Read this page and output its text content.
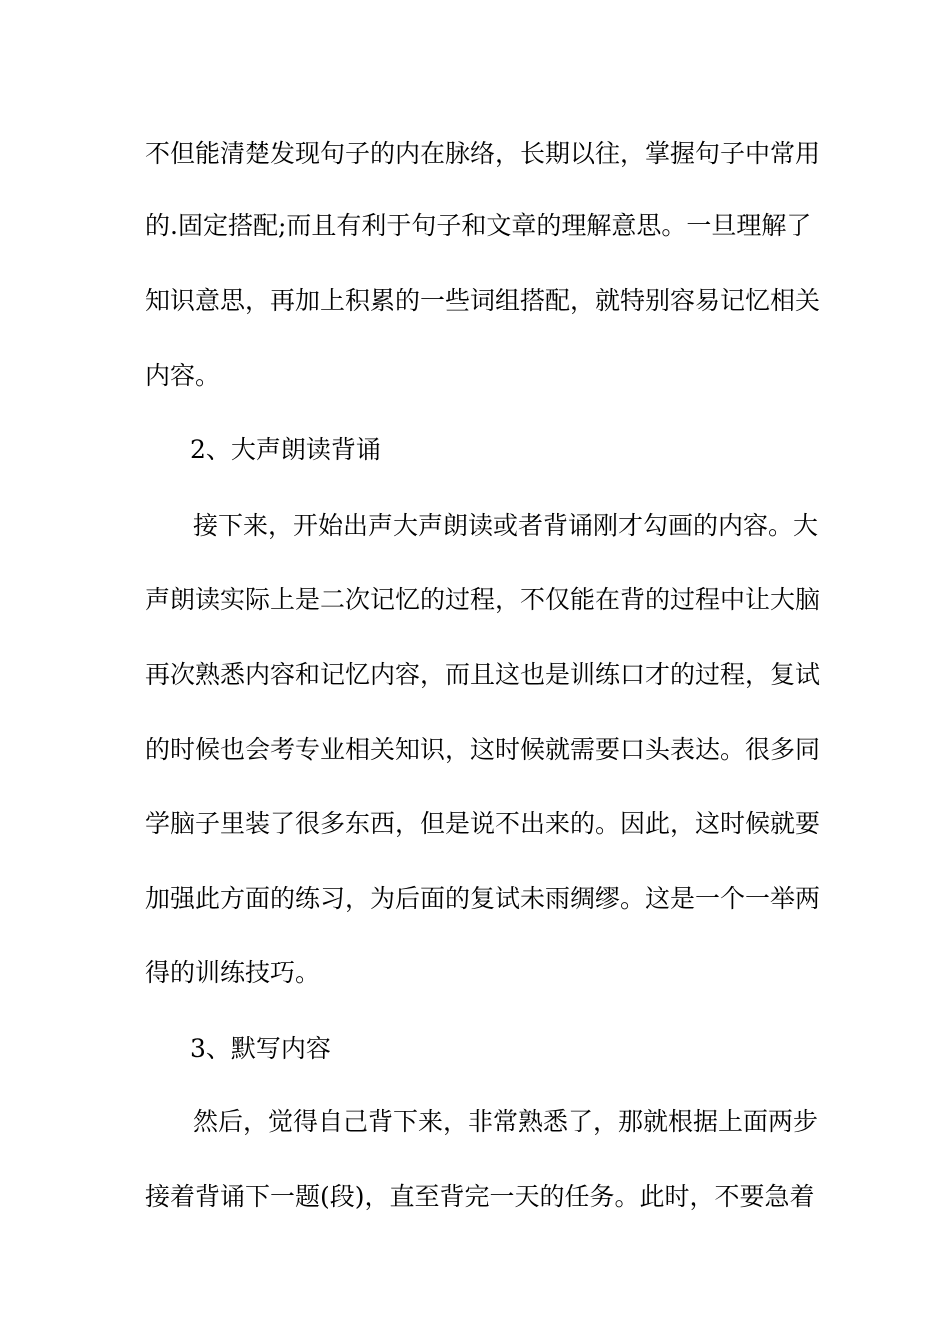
不但能清楚发现句子的内在脉络，长期以往，掌握句子中常用
的.固定搭配;而且有利于句子和文章的理解意思。一旦理解了
知识意思，再加上积累的一些词组搭配，就特别容易记忆相关
内容。
2、大声朗读背诵
接下来，开始出声大声朗读或者背诵刚才勾画的内容。大
声朗读实际上是二次记忆的过程，不仅能在背的过程中让大脑
再次熟悉内容和记忆内容，而且这也是训练口才的过程，复试
的时候也会考专业相关知识，这时候就需要口头表达。很多同
学脑子里装了很多东西，但是说不出来的。因此，这时候就要
加强此方面的练习，为后面的复试未雨绸缪。这是一个一举两
得的训练技巧。
3、默写内容
然后，觉得自己背下来，非常熟悉了，那就根据上面两步
接着背诵下一题(段)，直至背完一天的任务。此时，不要急着
